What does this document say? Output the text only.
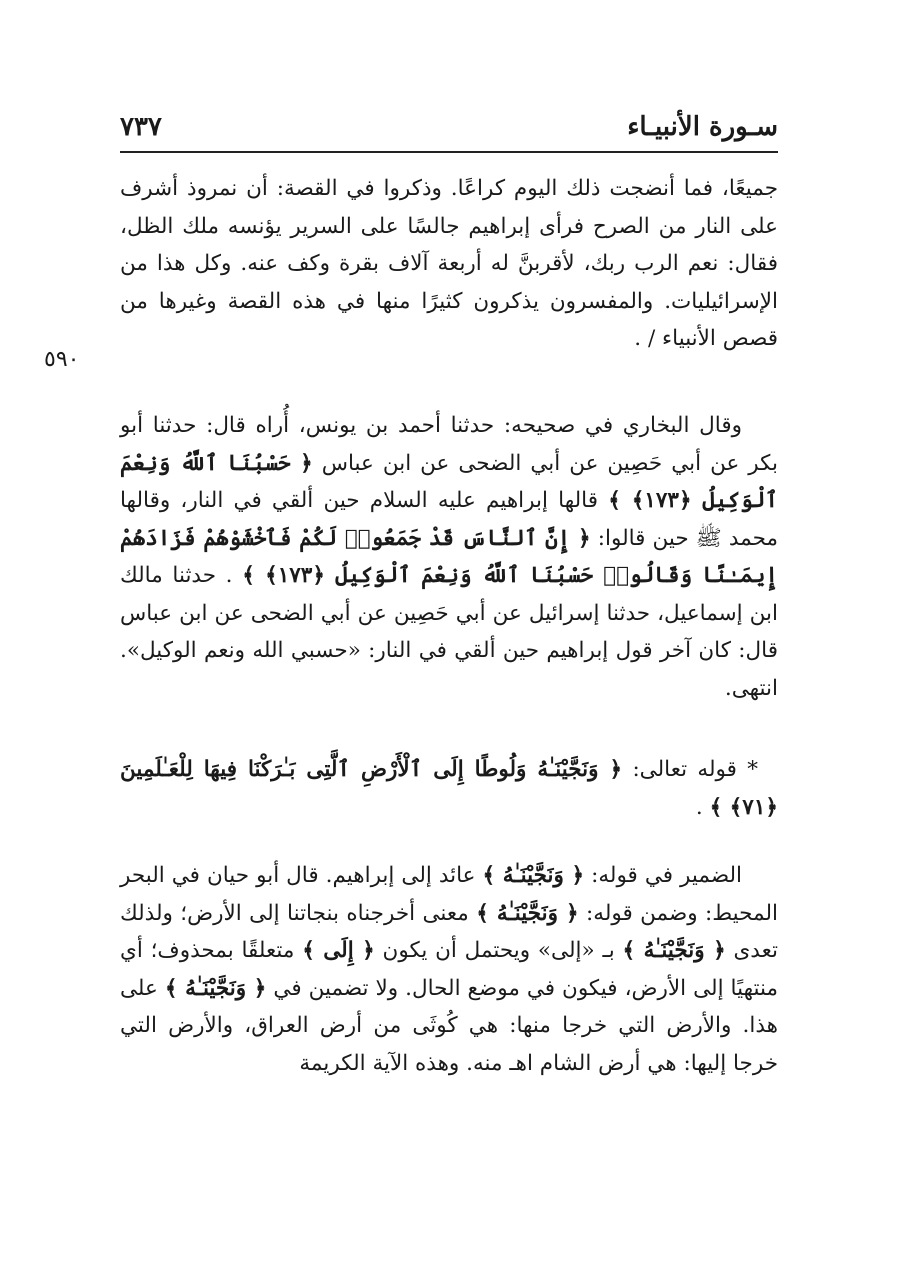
سـورة الأنبيـاء
٧٣٧
٥٩٠

جميعًا، فما أنضجت ذلك اليوم كراعًا. وذكروا في القصة: أن نمروذ أشرف على النار من الصرح فرأى إبراهيم جالسًا على السرير يؤنسه ملك الظل، فقال: نعم الرب ربك، لأقربنَّ له أربعة آلاف بقرة وكف عنه. وكل هذا من الإسرائيليات. والمفسرون يذكرون كثيرًا منها في هذه القصة وغيرها من قصص الأنبياء / .

وقال البخاري في صحيحه: حدثنا أحمد بن يونس، أُراه قال: حدثنا أبو بكر عن أبي حَصِين عن أبي الضحى عن ابن عباس ﴿ حَسْبُنَا ٱللَّهُ وَنِعْمَ ٱلْوَكِيلُ ﴿١٧٣﴾ ﴾ قالها إبراهيم عليه السلام حين ألقي في النار، وقالها محمد ﷺ حين قالوا: ﴿ إِنَّ ٱلنَّاسَ قَدْ جَمَعُوا۟ لَكُمْ فَٱخْشَوْهُمْ فَزَادَهُمْ إِيمَـٰنًا وَقَالُوا۟ حَسْبُنَا ٱللَّهُ وَنِعْمَ ٱلْوَكِيلُ ﴿١٧٣﴾ ﴾ . حدثنا مالك ابن إسماعيل، حدثنا إسرائيل عن أبي حَصِين عن أبي الضحى عن ابن عباس قال: كان آخر قول إبراهيم حين ألقي في النار: «حسبي الله ونعم الوكيل». انتهى.

* قوله تعالى: ﴿ وَنَجَّيْنَـٰهُ وَلُوطًا إِلَى ٱلْأَرْضِ ٱلَّتِى بَـٰرَكْنَا فِيهَا لِلْعَـٰلَمِينَ ﴿٧١﴾ ﴾ .

الضمير في قوله: ﴿ وَنَجَّيْنَـٰهُ ﴾ عائد إلى إبراهيم. قال أبو حيان في البحر المحيط: وضمن قوله: ﴿ وَنَجَّيْنَـٰهُ ﴾ معنى أخرجناه بنجاتنا إلى الأرض؛ ولذلك تعدى ﴿ وَنَجَّيْنَـٰهُ ﴾ بـ «إلى» ويحتمل أن يكون ﴿ إِلَى ﴾ متعلقًا بمحذوف؛ أي منتهيًا إلى الأرض، فيكون في موضع الحال. ولا تضمين في ﴿ وَنَجَّيْنَـٰهُ ﴾ على هذا. والأرض التي خرجا منها: هي كُوثَى من أرض العراق، والأرض التي خرجا إليها: هي أرض الشام اهـ منه. وهذه الآية الكريمة
